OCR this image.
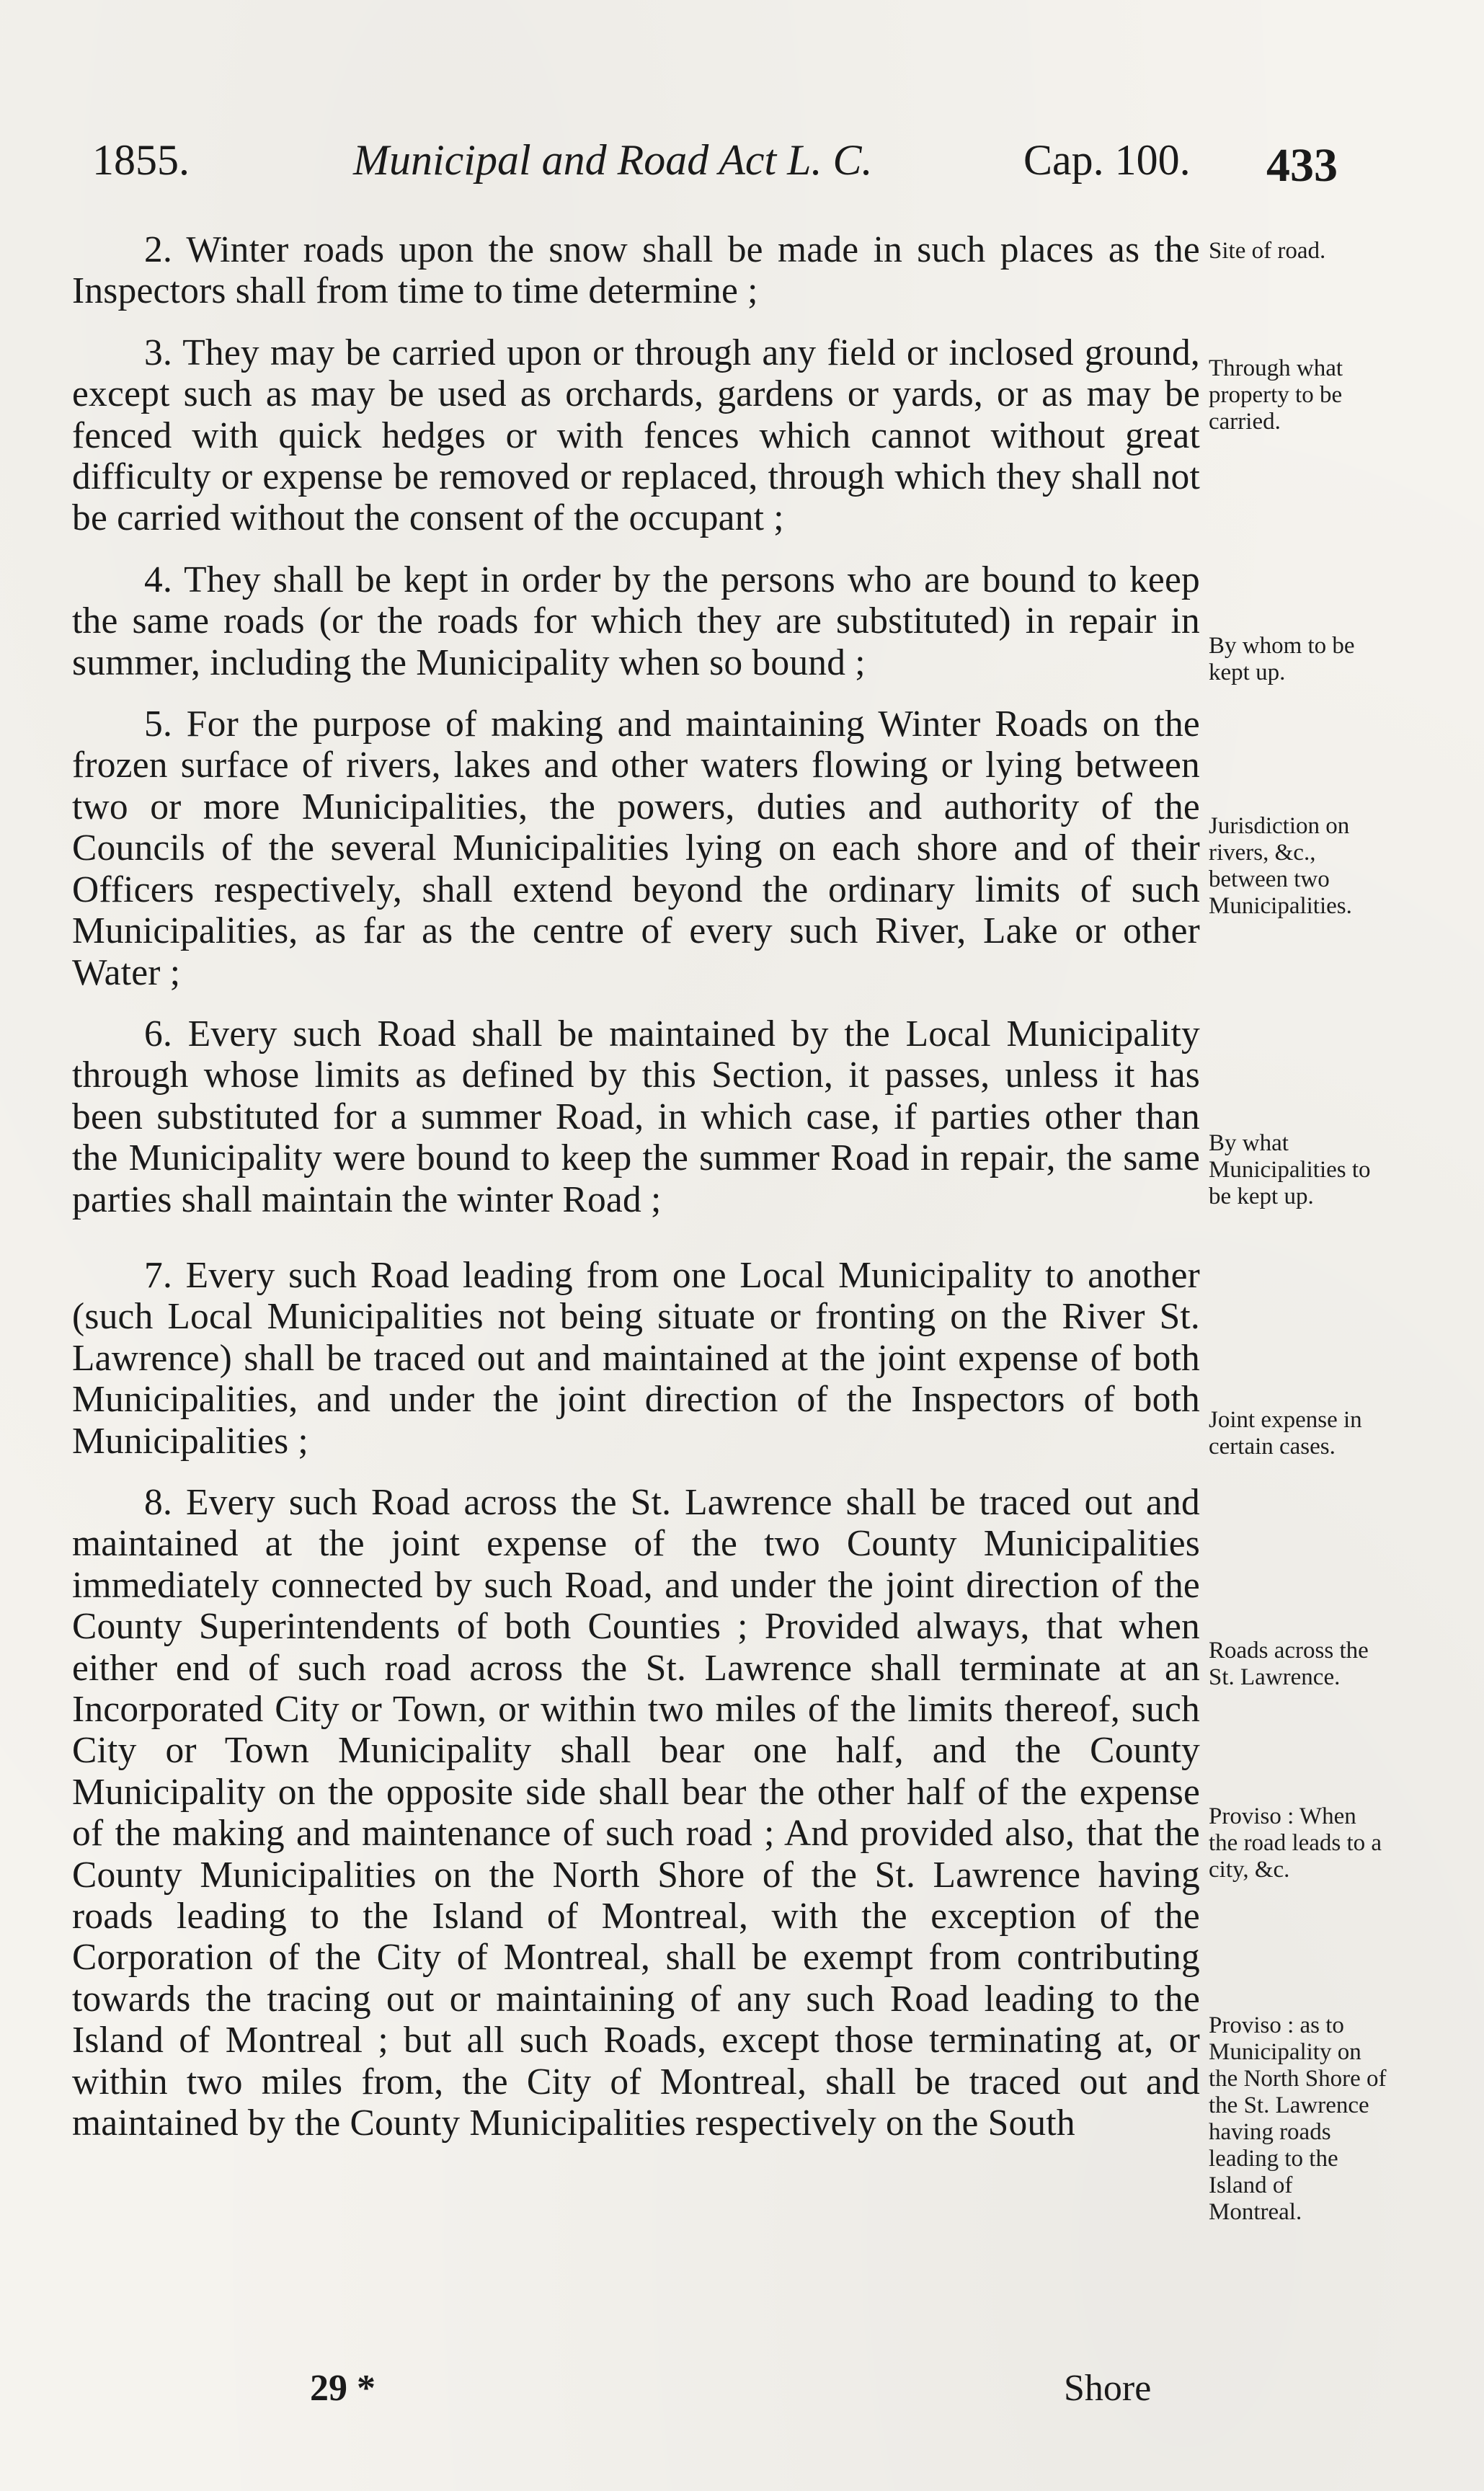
1855.	Municipal and Road Act L. C.	Cap. 100. 433

2. Winter roads upon the snow shall be made in such places as the Inspectors shall from time to time determine ;

3. They may be carried upon or through any field or inclosed ground, except such as may be used as orchards, gardens or yards, or as may be fenced with quick hedges or with fences which cannot without great difficulty or expense be removed or replaced, through which they shall not be carried without the consent of the occupant ;

4. They shall be kept in order by the persons who are bound to keep the same roads (or the roads for which they are substituted) in repair in summer, including the Municipality when so bound ;

5. For the purpose of making and maintaining Winter Roads on the frozen surface of rivers, lakes and other waters flowing or lying between two or more Municipalities, the powers, duties and authority of the Councils of the several Municipalities lying on each shore and of their Officers respectively, shall extend beyond the ordinary limits of such Municipalities, as far as the centre of every such River, Lake or other Water ;

6. Every such Road shall be maintained by the Local Municipality through whose limits as defined by this Section, it passes, unless it has been substituted for a summer Road, in which case, if parties other than the Municipality were bound to keep the summer Road in repair, the same parties shall maintain the winter Road ;

7. Every such Road leading from one Local Municipality to another (such Local Municipalities not being situate or fronting on the River St. Lawrence) shall be traced out and maintained at the joint expense of both Municipalities, and under the joint direction of the Inspectors of both Municipalities ;

8. Every such Road across the St. Lawrence shall be traced out and maintained at the joint expense of the two County Municipalities immediately connected by such Road, and under the joint direction of the County Superintendents of both Counties ; Provided always, that when either end of such road across the St. Lawrence shall terminate at an Incorporated City or Town, or within two miles of the limits thereof, such City or Town Municipality shall bear one half, and the County Municipality on the opposite side shall bear the other half of the expense of the making and maintenance of such road ; And provided also, that the County Municipalities on the North Shore of the St. Lawrence having roads leading to the Island of Montreal, with the exception of the Corporation of the City of Montreal, shall be exempt from contributing towards the tracing out or maintaining of any such Road leading to the Island of Montreal ; but all such Roads, except those terminating at, or within two miles from, the City of Montreal, shall be traced out and maintained by the County Municipalities respectively on the South

Site of road.
Through what property to be carried.
By whom to be kept up.
Jurisdiction on rivers, &c., between two Municipalities.
By what Municipalities to be kept up.
Joint expense in certain cases.
Roads across the St. Lawrence.
Proviso : When the road leads to a city, &c.
Proviso : as to Municipality on the North Shore of the St. Lawrence having roads leading to the Island of Montreal.
29 *	Shore
